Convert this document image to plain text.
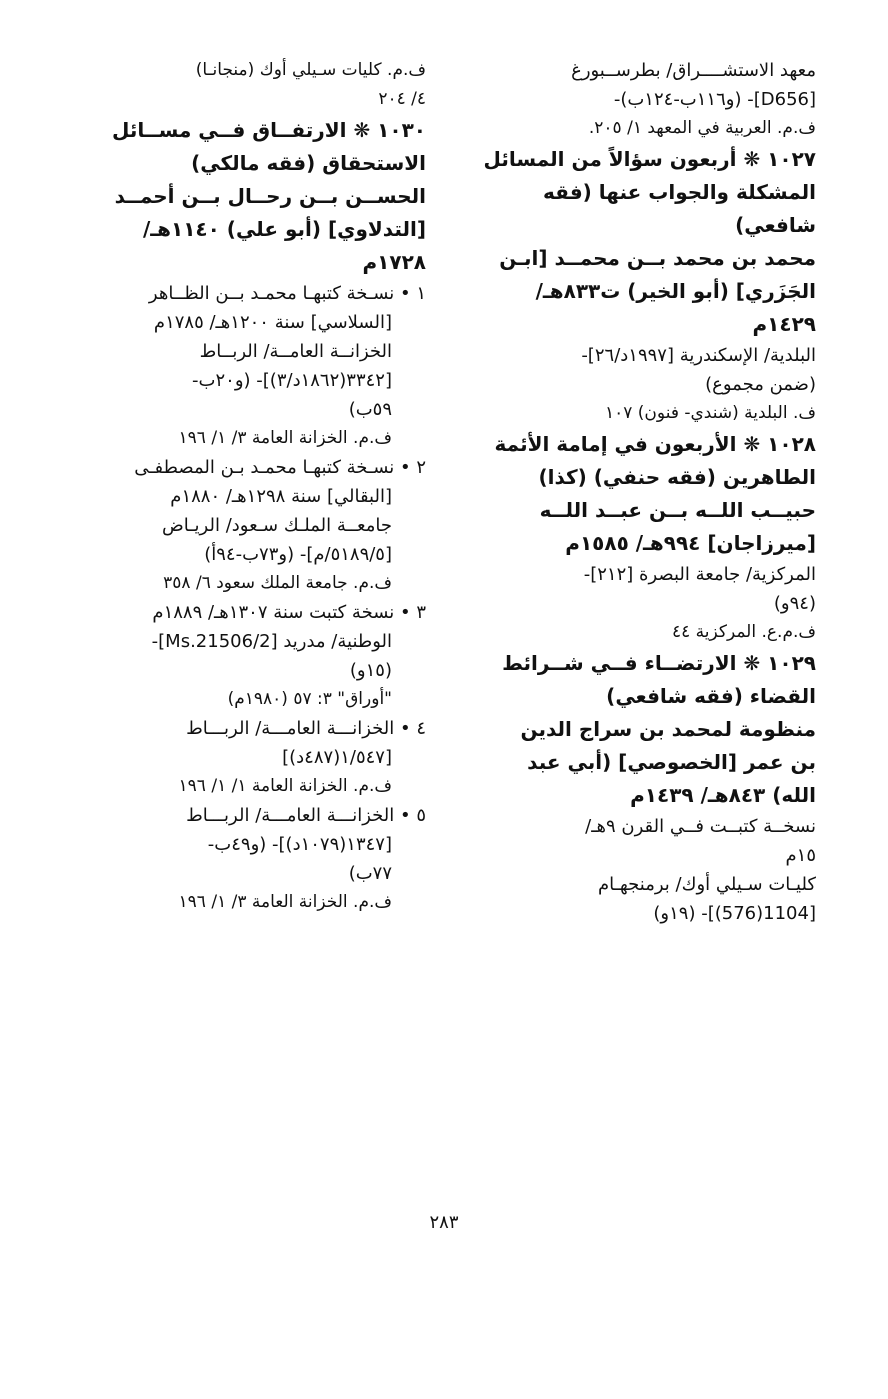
معهد الاستشــــراق/ بطرســبورغ
[D656]- (و١١٦ب-١٢٤ب)-
ف.م. العربية في المعهد ١/ ٢٠٥.
١٠٢٧ ❋ أربعون سؤالاً من المسائل
المشكلة والجواب عنها (فقه
شافعي)
محمد بن محمد بــن محمــد [ابـن
الجَزَري] (أبو الخير) ت٨٣٣هـ/
١٤٢٩م
البلدية/ الإسكندرية [١٩٩٧د/٢٦]-
(ضمن مجموع)
ف. البلدية (شندي- فنون) ١٠٧
١٠٢٨ ❋ الأربعون في إمامة الأئمة
الطاهرين (فقه حنفي) (كذا)
حبيــب اللــه بــن عبــد اللــه
[ميرزاجان] ٩٩٤هـ/ ١٥٨٥م
المركزية/ جامعة البصرة [٢١٢]-
(٩٤و)
ف.م.ع. المركزية ٤٤
١٠٢٩ ❋ الارتضــاء فــي شــرائط
القضاء (فقه شافعي)
منظومة لمحمد بن سراج الدين
بن عمر [الخصوصي] (أبي عبد
الله) ٨٤٣هـ/ ١٤٣٩م
نسخــة كتبــت فــي القرن ٩هـ/
١٥م
كليـات سـيلي أوك/ برمنجهـام
[1104(576)]- (١٩و)
ف.م. كليات سـيلي أوك (منجانـا)
٤/ ٢٠٤
١٠٣٠ ❋ الارتفــاق فــي مســائل
الاستحقاق (فقه مالكي)
الحســن بــن رحــال بــن أحمــد
[التدلاوي] (أبو علي) ١١٤٠هـ/
١٧٢٨م
١ • نسـخة كتبهـا محمـد بــن الظــاهر
[السلاسي] سنة ١٢٠٠هـ/ ١٧٨٥م
الخزانــة العامــة/ الربــاط
[٣٣٤٢(١٨٦٢د/٣)]- (و٢٠ب-
٥٩ب)
ف.م. الخزانة العامة ٣/ ١/ ١٩٦
٢ • نسـخة كتبهـا محمـد بـن المصطفـى
[البقالي] سنة ١٢٩٨هـ/ ١٨٨٠م
جامعــة الملـك سـعود/ الريـاض
[٥١٨٩/٥/م]- (و٧٣ب-٩٤أ)
ف.م. جامعة الملك سعود ٦/ ٣٥٨
٣ • نسخة كتبت سنة ١٣٠٧هـ/ ١٨٨٩م
الوطنية/ مدريد [Ms.21506/2]-
(١٥و)
"أوراق" ٣: ٥٧ (١٩٨٠م)
٤ • الخزانـــة العامـــة/ الربـــاط
[١/٥٤٧(٤٨٧د)]
ف.م. الخزانة العامة ١/ ١/ ١٩٦
٥ • الخزانـــة العامـــة/ الربـــاط
[١٣٤٧(١٠٧٩د)]- (و٤٩ب-
٧٧ب)
ف.م. الخزانة العامة ٣/ ١/ ١٩٦
٢٨٣
